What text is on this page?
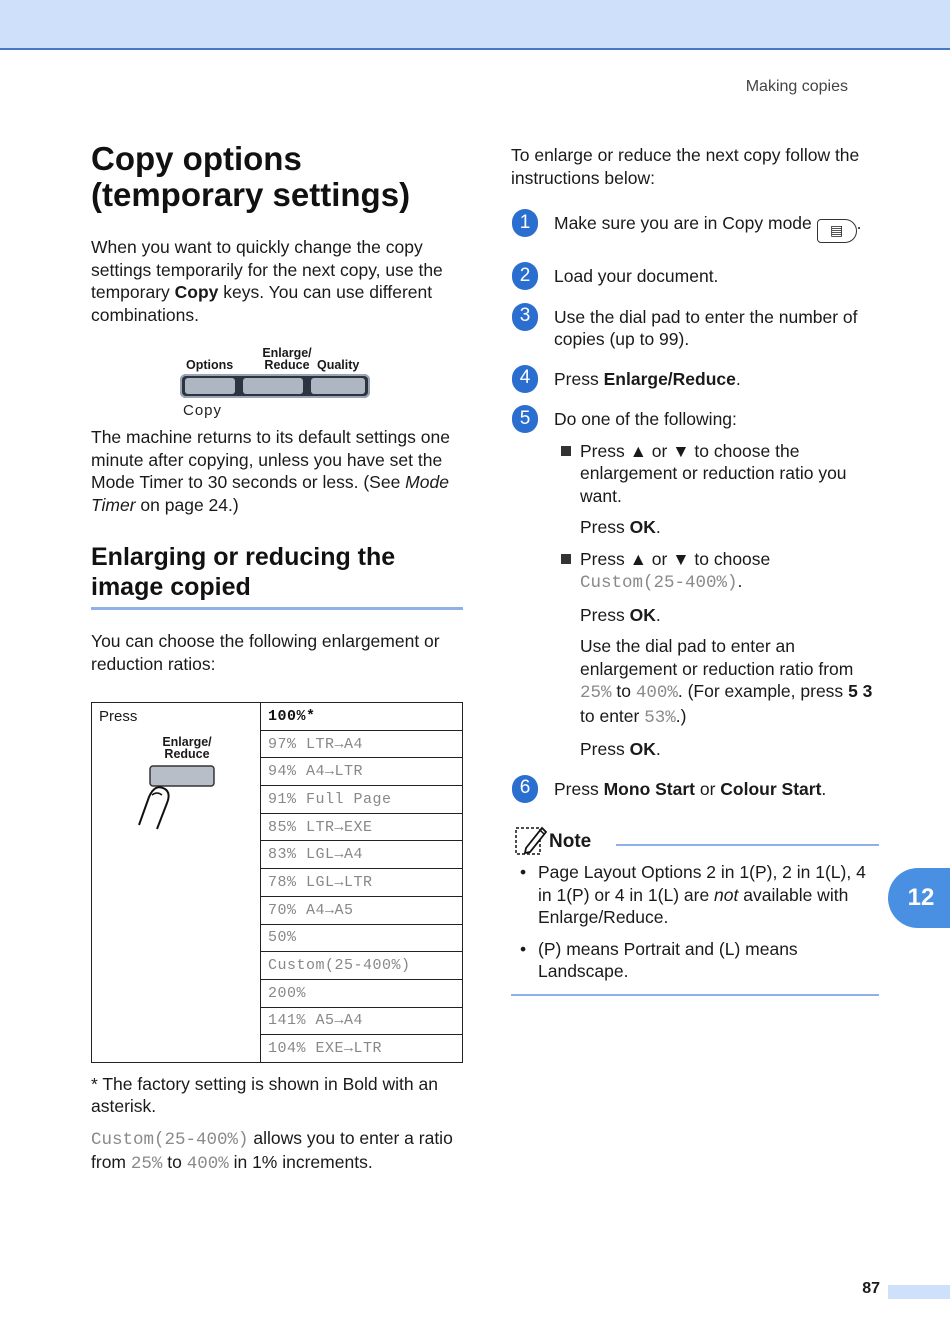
Making copies
Copy options
(temporary settings)

When you want to quickly change the copy settings temporarily for the next copy, use the temporary Copy keys. You can use different combinations.

Options
Enlarge/
Reduce Quality
Copy

The machine returns to its default settings one minute after copying, unless you have set the Mode Timer to 30 seconds or less. (See Mode Timer on page 24.)

Enlarging or reducing the image copied

You can choose the following enlargement or reduction ratios:

Press
Enlarge/
Reduce
	100%*
97% LTR→A4
94% A4→LTR
91% Full Page
85% LTR→EXE
83% LGL→A4
78% LGL→LTR
70% A4→A5
50%
Custom(25-400%)
200%
141% A5→A4
104% EXE→LTR

* The factory setting is shown in Bold with an asterisk.

Custom(25-400%) allows you to enter a ratio from 25% to 400% in 1% increments.

To enlarge or reduce the next copy follow the instructions below:

1	Make sure you are in Copy mode ▤ .
2	Load your document.
3	Use the dial pad to enter the number of copies (up to 99).
4	Press Enlarge/Reduce.
5	Do one of the following:
Press ▲ or ▼ to choose the enlargement or reduction ratio you want.
Press OK.
Press ▲ or ▼ to choose
Custom(25-400%).
Press OK.
Use the dial pad to enter an enlargement or reduction ratio from 25% to 400%. (For example, press 5 3 to enter 53%.)
Press OK.
6	Press Mono Start or Colour Start.
Note
• Page Layout Options 2 in 1(P), 2 in 1(L), 4 in 1(P) or 4 in 1(L) are not available with Enlarge/Reduce.
• (P) means Portrait and (L) means Landscape.
12
87
